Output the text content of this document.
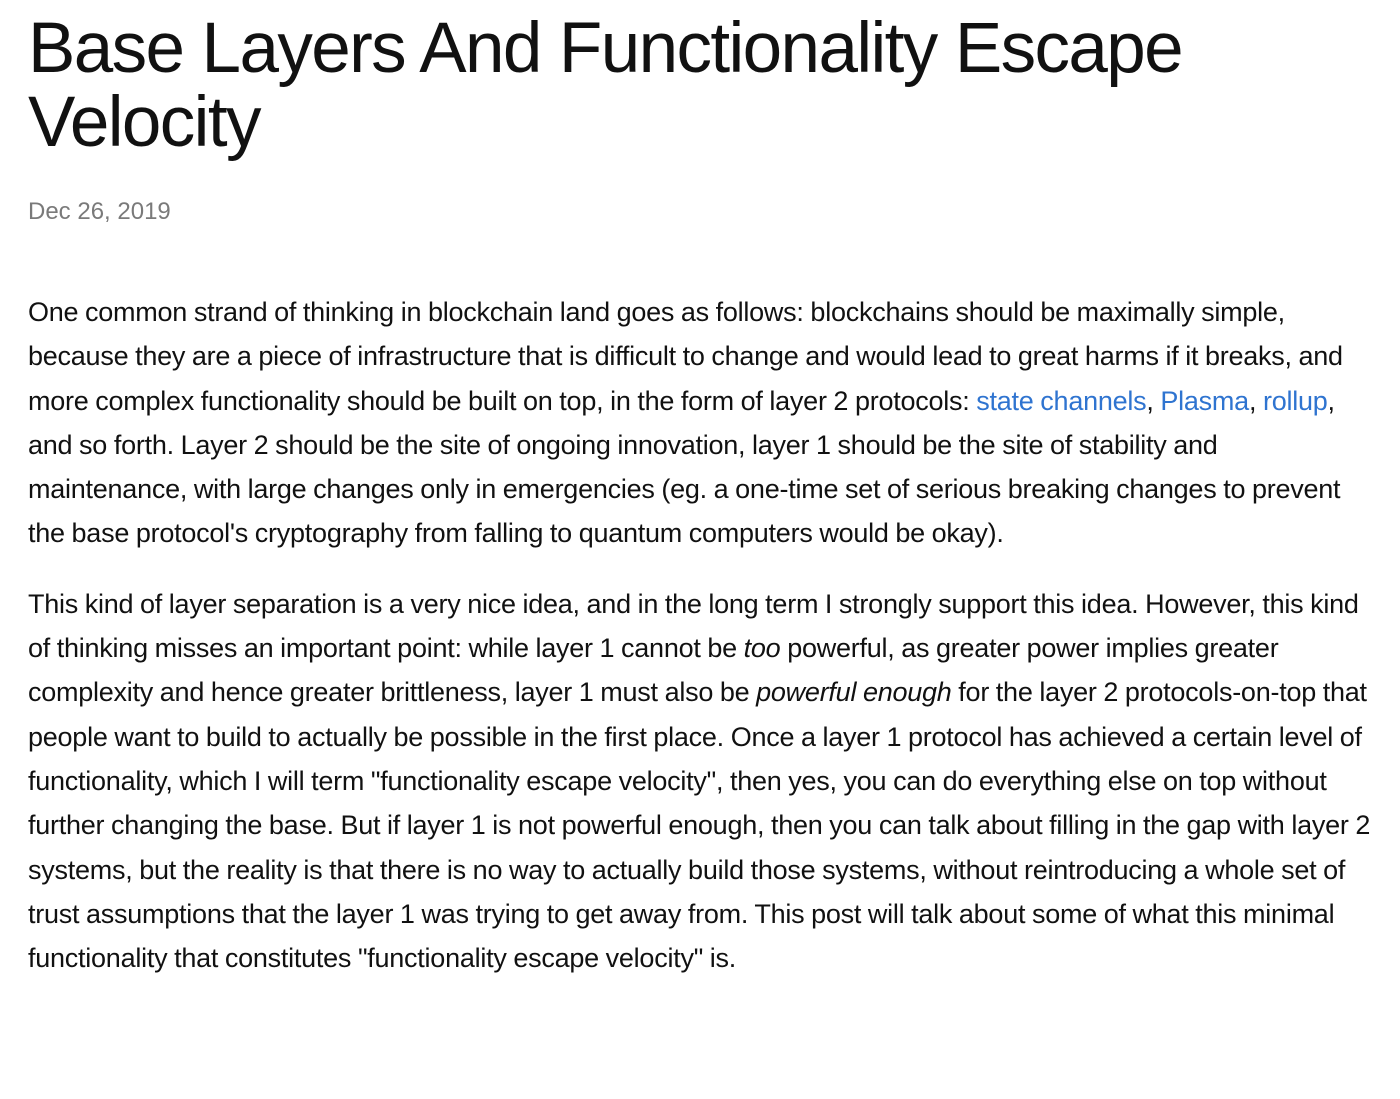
Base Layers And Functionality Escape Velocity
Dec 26, 2019

One common strand of thinking in blockchain land goes as follows: blockchains should be maximally simple, because they are a piece of infrastructure that is difficult to change and would lead to great harms if it breaks, and more complex functionality should be built on top, in the form of layer 2 protocols: state channels, Plasma, rollup, and so forth. Layer 2 should be the site of ongoing innovation, layer 1 should be the site of stability and maintenance, with large changes only in emergencies (eg. a one-time set of serious breaking changes to prevent the base protocol's cryptography from falling to quantum computers would be okay).

This kind of layer separation is a very nice idea, and in the long term I strongly support this idea. However, this kind of thinking misses an important point: while layer 1 cannot be too powerful, as greater power implies greater complexity and hence greater brittleness, layer 1 must also be powerful enough for the layer 2 protocols-on-top that people want to build to actually be possible in the first place. Once a layer 1 protocol has achieved a certain level of functionality, which I will term "functionality escape velocity", then yes, you can do everything else on top without further changing the base. But if layer 1 is not powerful enough, then you can talk about filling in the gap with layer 2 systems, but the reality is that there is no way to actually build those systems, without reintroducing a whole set of trust assumptions that the layer 1 was trying to get away from. This post will talk about some of what this minimal functionality that constitutes "functionality escape velocity" is.
